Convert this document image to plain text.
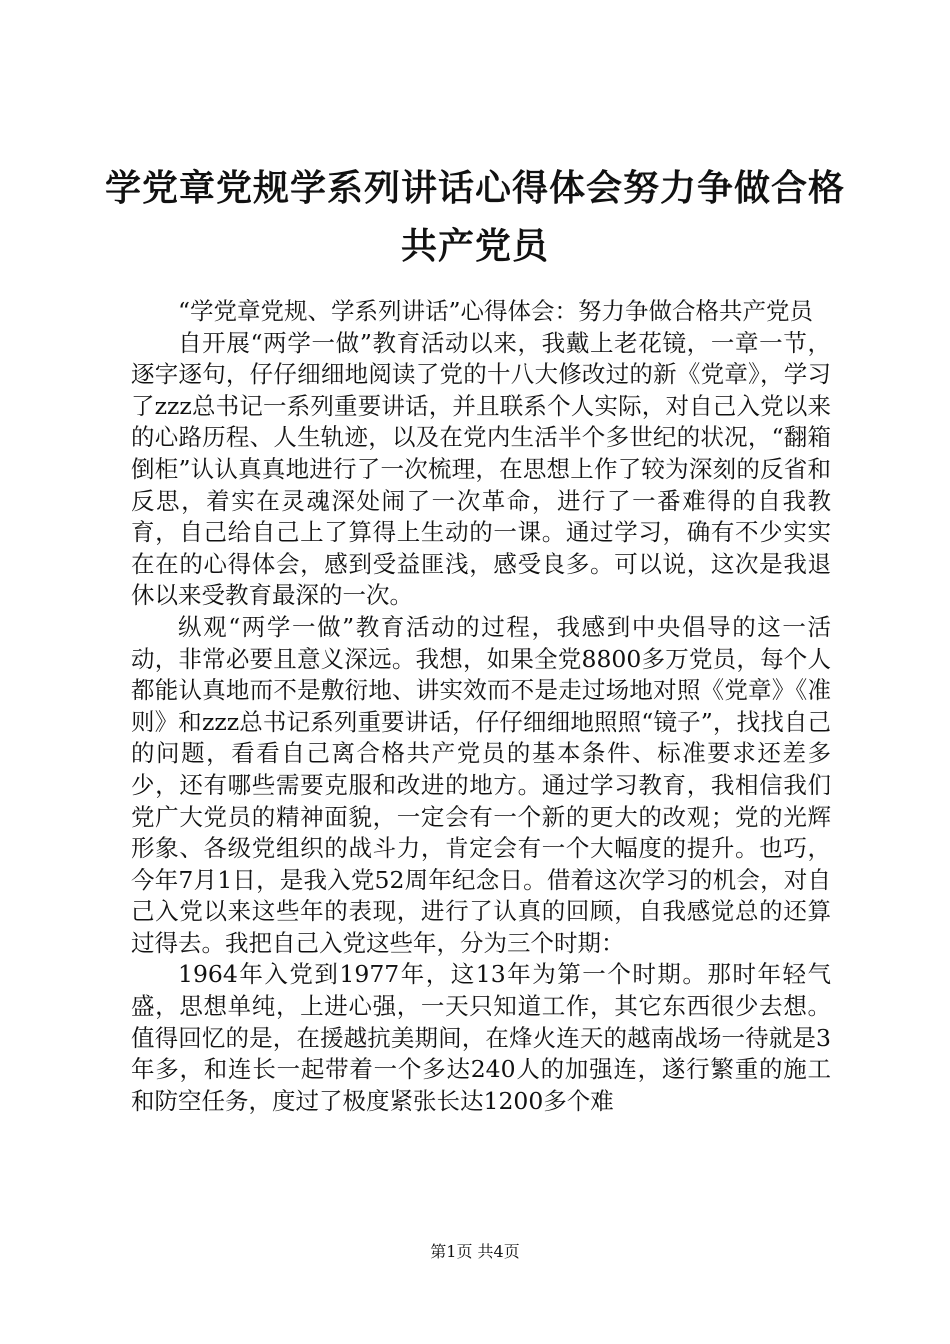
学党章党规学系列讲话心得体会努力争做合格
共产党员

“学党章党规、学系列讲话”心得体会：努力争做合格共产党员

自开展“两学一做”教育活动以来，我戴上老花镜，一章一节，逐字逐句，仔仔细细地阅读了党的十八大修改过的新《党章》，学习了zzz总书记一系列重要讲话，并且联系个人实际，对自己入党以来的心路历程、人生轨迹，以及在党内生活半个多世纪的状况，“翻箱倒柜”认认真真地进行了一次梳理，在思想上作了较为深刻的反省和反思，着实在灵魂深处闹了一次革命，进行了一番难得的自我教育，自己给自己上了算得上生动的一课。通过学习，确有不少实实在在的心得体会，感到受益匪浅，感受良多。可以说，这次是我退休以来受教育最深的一次。

纵观“两学一做”教育活动的过程，我感到中央倡导的这一活动，非常必要且意义深远。我想，如果全党8800多万党员，每个人都能认真地而不是敷衍地、讲实效而不是走过场地对照《党章》《准则》和zzz总书记系列重要讲话，仔仔细细地照照“镜子”，找找自己的问题，看看自己离合格共产党员的基本条件、标准要求还差多少，还有哪些需要克服和改进的地方。通过学习教育，我相信我们党广大党员的精神面貌，一定会有一个新的更大的改观；党的光辉形象、各级党组织的战斗力，肯定会有一个大幅度的提升。也巧，今年7月1日，是我入党52周年纪念日。借着这次学习的机会，对自己入党以来这些年的表现，进行了认真的回顾，自我感觉总的还算过得去。我把自己入党这些年，分为三个时期：

1964年入党到1977年，这13年为第一个时期。那时年轻气盛，思想单纯，上进心强，一天只知道工作，其它东西很少去想。值得回忆的是，在援越抗美期间，在烽火连天的越南战场一待就是3年多，和连长一起带着一个多达240人的加强连，遂行繁重的施工和防空任务，度过了极度紧张长达1200多个难

第1页 共4页
